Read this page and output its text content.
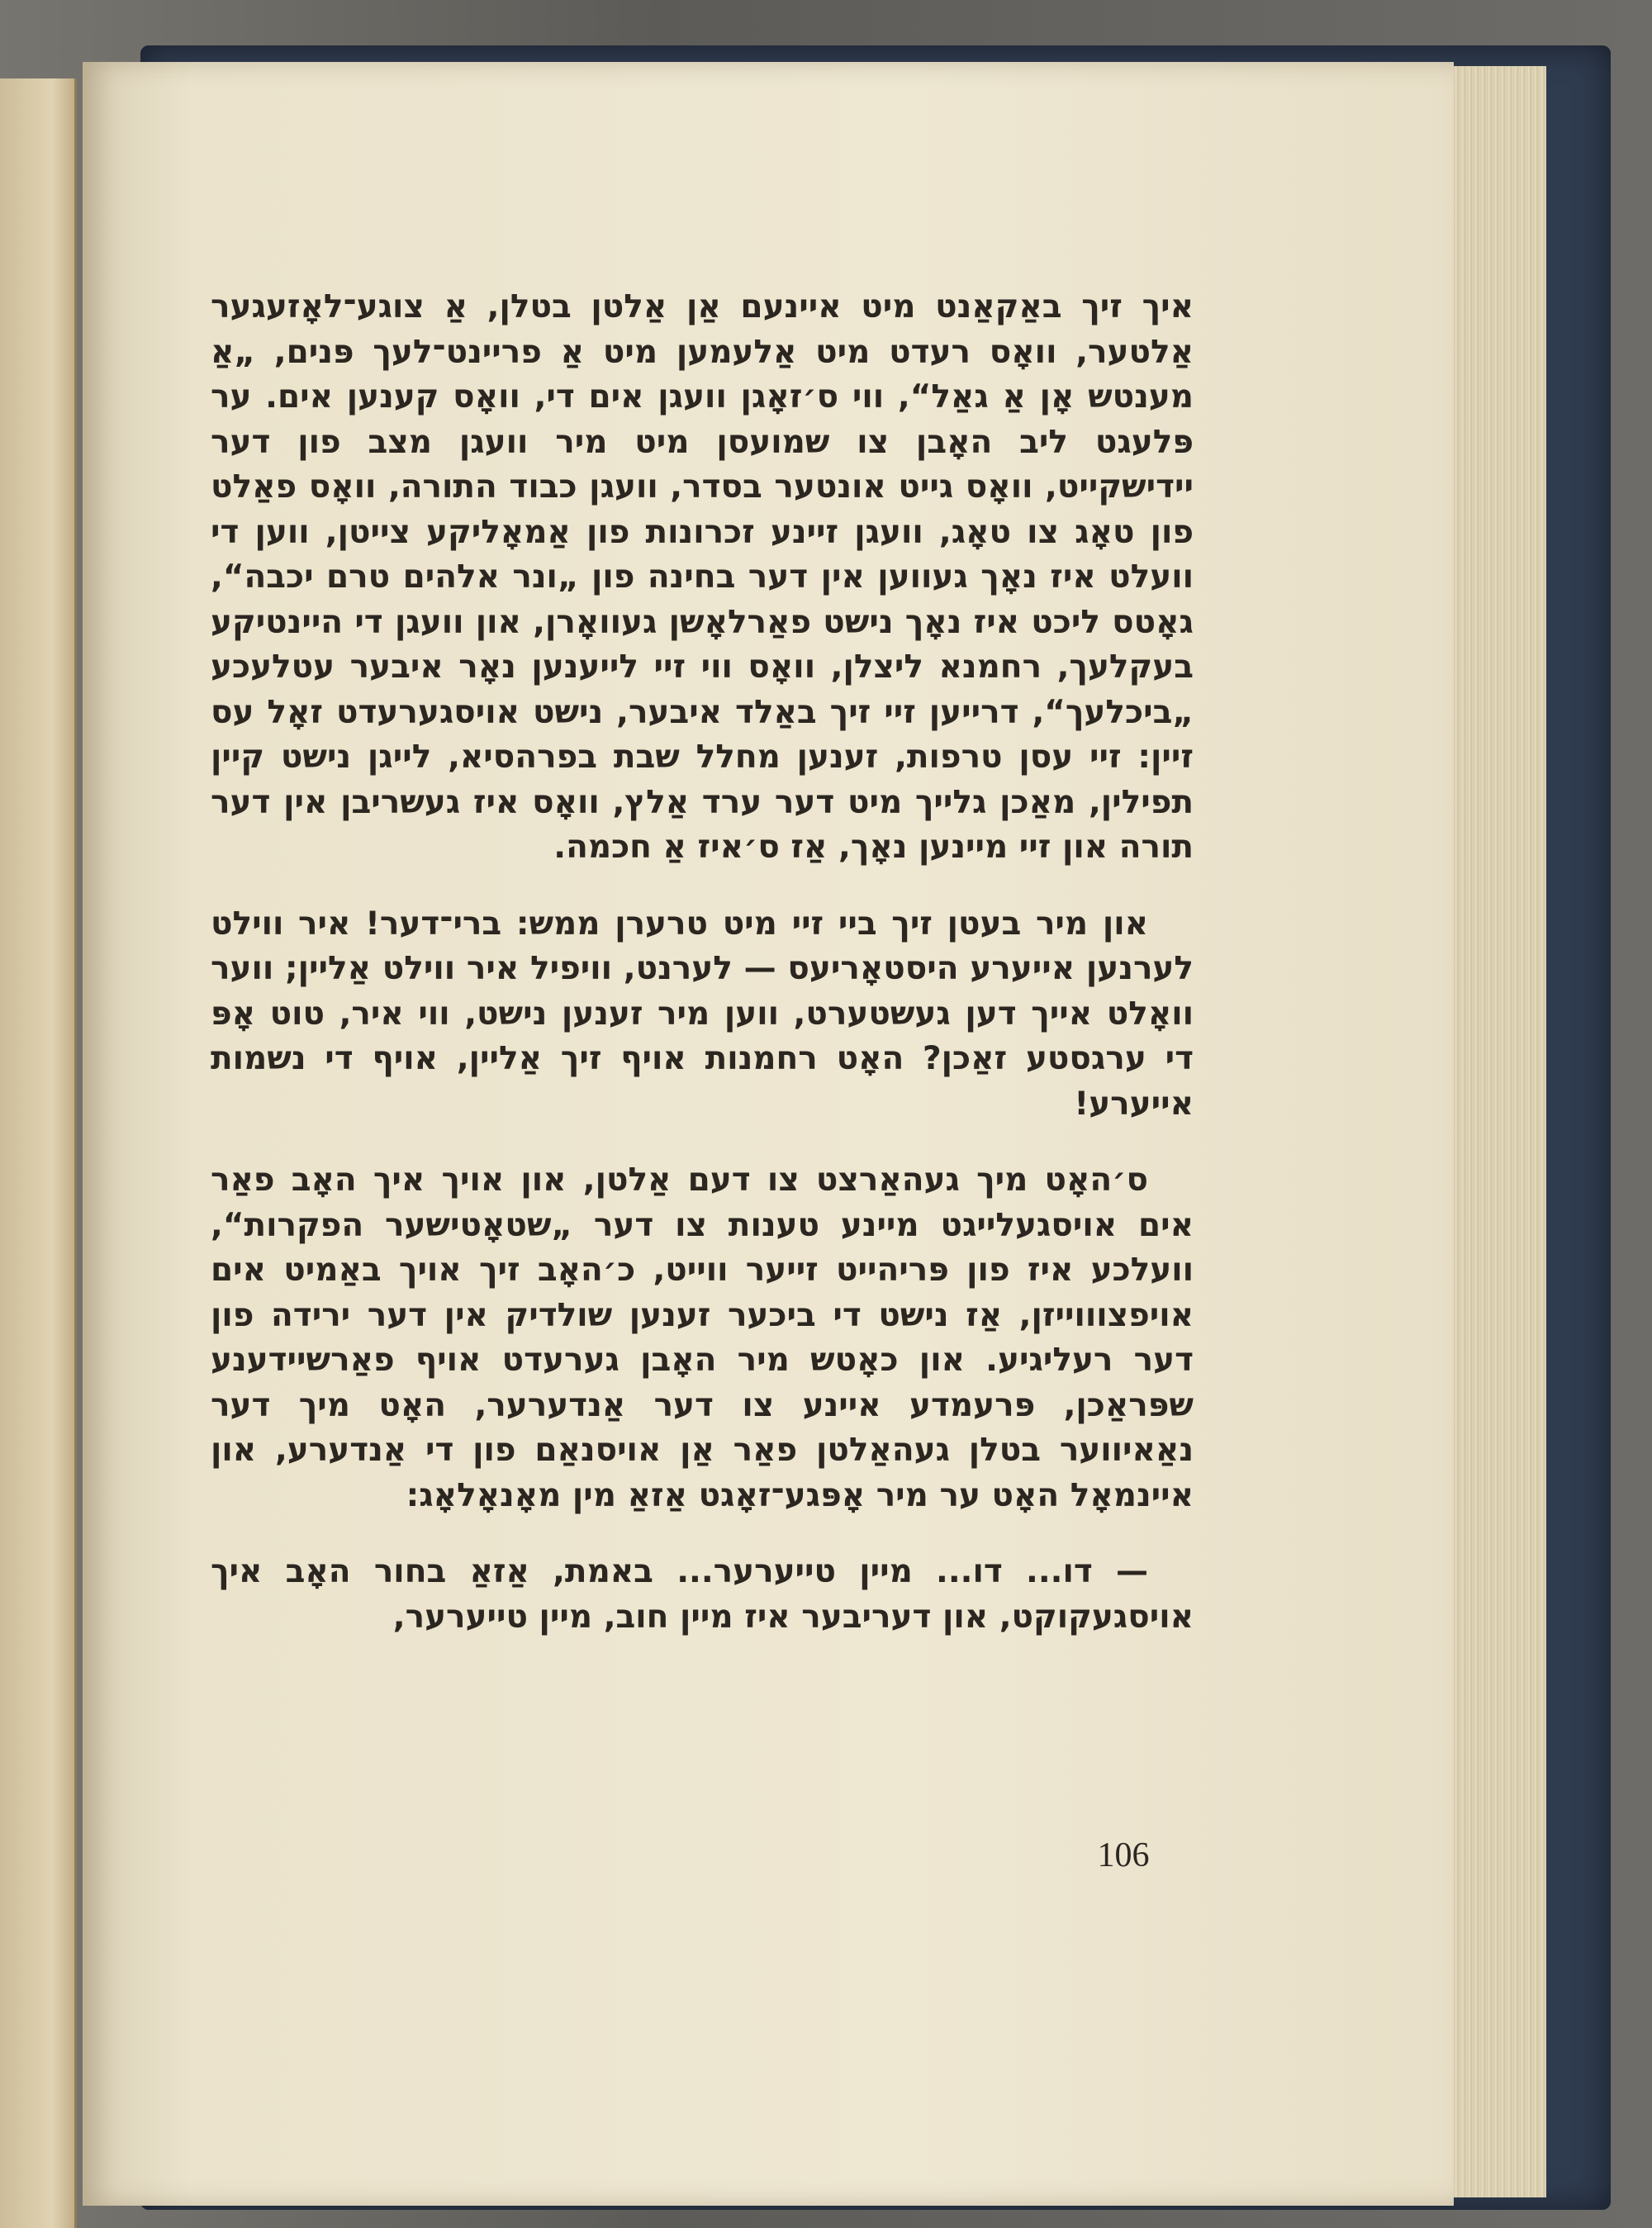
איך זיך באַקאַנט מיט איינעם אַן אַלטן בטלן, אַ צוגע־לאָזעגער אַלטער, וואָס רעדט מיט אַלעמען מיט אַ פריינט־לעך פּנים, „אַ מענטש אָן אַ גאַל“, ווי ס׳זאָגן וועגן אים די, וואָס קענען אים. ער פּלעגט ליב האָבן צו שמועסן מיט מיר וועגן מצב פון דער יידישקייט, וואָס גייט אונטער בסדר, וועגן כבוד התורה, וואָס פאַלט פון טאָג צו טאָג, וועגן זיינע זכרונות פון אַמאָליקע צייטן, ווען די וועלט איז נאָך געווען אין דער בחינה פון „ונר אלהים טרם יכבה“, גאָטס ליכט איז נאָך נישט פאַרלאָשן געוואָרן, און וועגן די היינטיקע בעקלעך, רחמנא ליצלן, וואָס ווי זיי לייענען נאָר איבער עטלעכע „ביכלעך“, דרייען זיי זיך באַלד איבער, נישט אויסגערעדט זאָל עס זיין: זיי עסן טרפות, זענען מחלל שבת בפרהסיא, לייגן נישט קיין תפילין, מאַכן גלייך מיט דער ערד אַלץ, וואָס איז געשריבן אין דער תורה און זיי מיינען נאָך, אַז ס׳איז אַ חכמה.

און מיר בעטן זיך ביי זיי מיט טרערן ממש: ברי־דער! איר ווילט לערנען אייערע היסטאָריעס — לערנט, וויפיל איר ווילט אַליין; ווער וואָלט אייך דען געשטערט, ווען מיר זענען נישט, ווי איר, טוט אָפּ די ערגסטע זאַכן? האָט רחמנות אויף זיך אַליין, אויף די נשמות אייערע!

ס׳האָט מיך געהאַרצט צו דעם אַלטן, און אויך איך האָב פאַר אים אויסגעלייגט מיינע טענות צו דער „שטאָטישער הפקרות“, וועלכע איז פון פּריהייט זייער ווייט, כ׳האָב זיך אויך באַמיט אים אויפצוווייזן, אַז נישט די ביכער זענען שולדיק אין דער ירידה פון דער רעליגיע. און כאָטש מיר האָבן גערעדט אויף פאַרשיידענע שפּראַכן, פּרעמדע איינע צו דער אַנדערער, האָט מיך דער נאַאיווער בטלן געהאַלטן פאַר אַן אויסנאַם פון די אַנדערע, און איינמאָל האָט ער מיר אָפּגע־זאָגט אַזאַ מין מאָנאָלאָג:

— דו... דו... מיין טייערער... באמת, אַזאַ בחור האָב איך אויסגעקוקט, און דעריבער איז מיין חוב, מיין טייערער,

106
